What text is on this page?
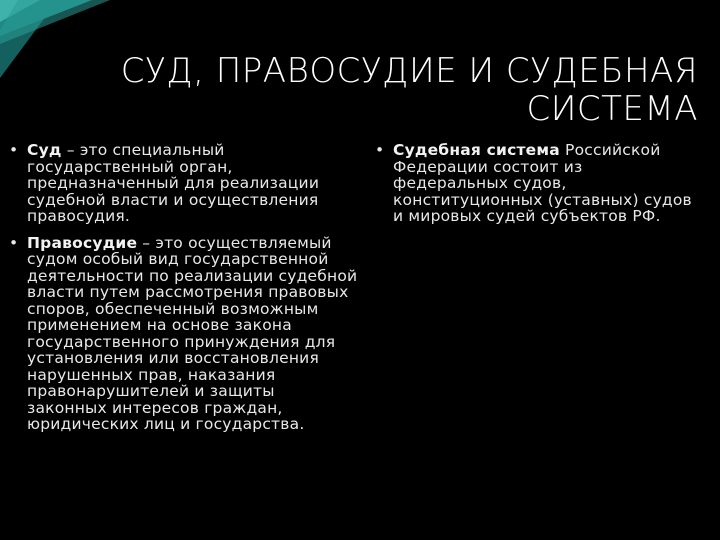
СУД, ПРАВОСУДИЕ И СУДЕБНАЯ
СИСТЕМА
• Суд – это специальный государственный орган, предназначенный для реализации судебной власти и осуществления правосудия.
• Правосудие – это осуществляемый судом особый вид государственной деятельности по реализации судебной власти путем рассмотрения правовых споров, обеспеченный возможным применением на основе закона государственного принуждения для установления или восстановления нарушенных прав, наказания правонарушителей и защиты законных интересов граждан, юридических лиц и государства.
• Судебная система Российской Федерации состоит из федеральных судов, конституционных (уставных) судов и мировых судей субъектов РФ.
